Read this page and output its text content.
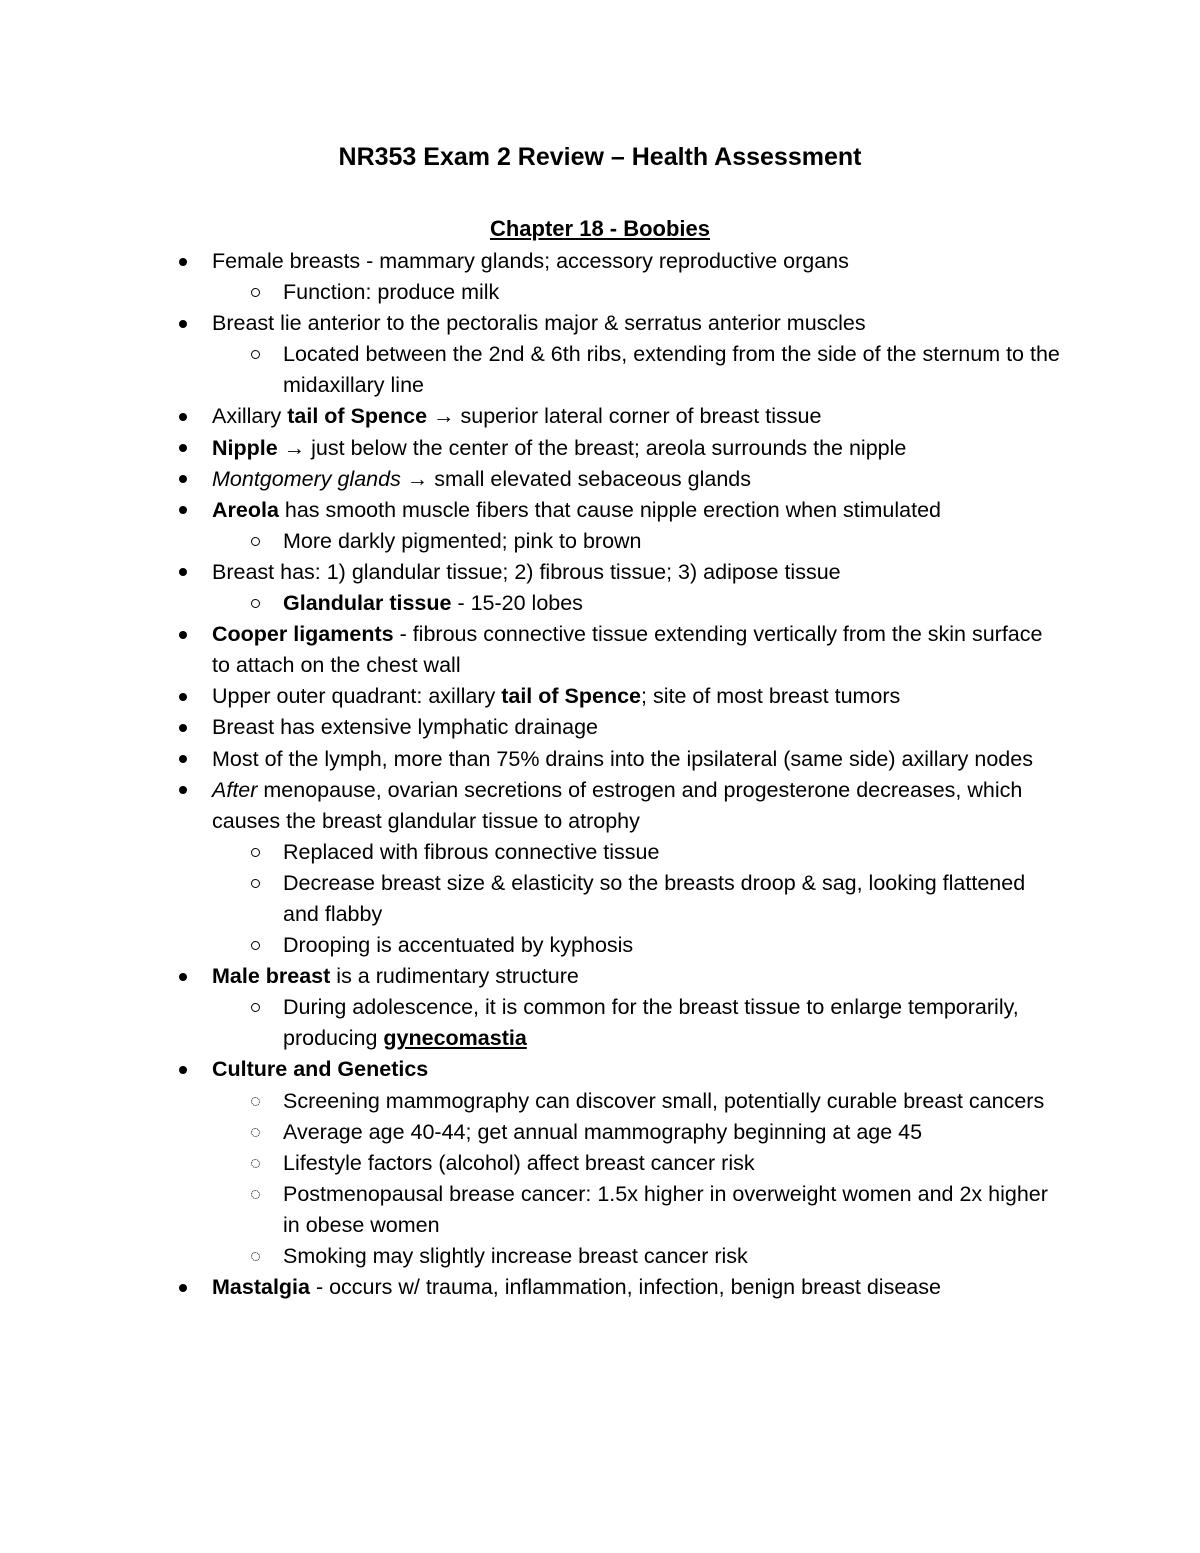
NR353 Exam 2 Review – Health Assessment
Chapter 18 - Boobies
Female breasts - mammary glands; accessory reproductive organs
Function: produce milk
Breast lie anterior to the pectoralis major & serratus anterior muscles
Located between the 2nd & 6th ribs, extending from the side of the sternum to the midaxillary line
Axillary tail of Spence → superior lateral corner of breast tissue
Nipple → just below the center of the breast; areola surrounds the nipple
Montgomery glands → small elevated sebaceous glands
Areola has smooth muscle fibers that cause nipple erection when stimulated
More darkly pigmented; pink to brown
Breast has: 1) glandular tissue; 2) fibrous tissue; 3) adipose tissue
Glandular tissue - 15-20 lobes
Cooper ligaments - fibrous connective tissue extending vertically from the skin surface to attach on the chest wall
Upper outer quadrant: axillary tail of Spence; site of most breast tumors
Breast has extensive lymphatic drainage
Most of the lymph, more than 75% drains into the ipsilateral (same side) axillary nodes
After menopause, ovarian secretions of estrogen and progesterone decreases, which causes the breast glandular tissue to atrophy
Replaced with fibrous connective tissue
Decrease breast size & elasticity so the breasts droop & sag, looking flattened and flabby
Drooping is accentuated by kyphosis
Male breast is a rudimentary structure
During adolescence, it is common for the breast tissue to enlarge temporarily, producing gynecomastia
Culture and Genetics
Screening mammography can discover small, potentially curable breast cancers
Average age 40-44; get annual mammography beginning at age 45
Lifestyle factors (alcohol) affect breast cancer risk
Postmenopausal brease cancer: 1.5x higher in overweight women and 2x higher in obese women
Smoking may slightly increase breast cancer risk
Mastalgia - occurs w/ trauma, inflammation, infection, benign breast disease
